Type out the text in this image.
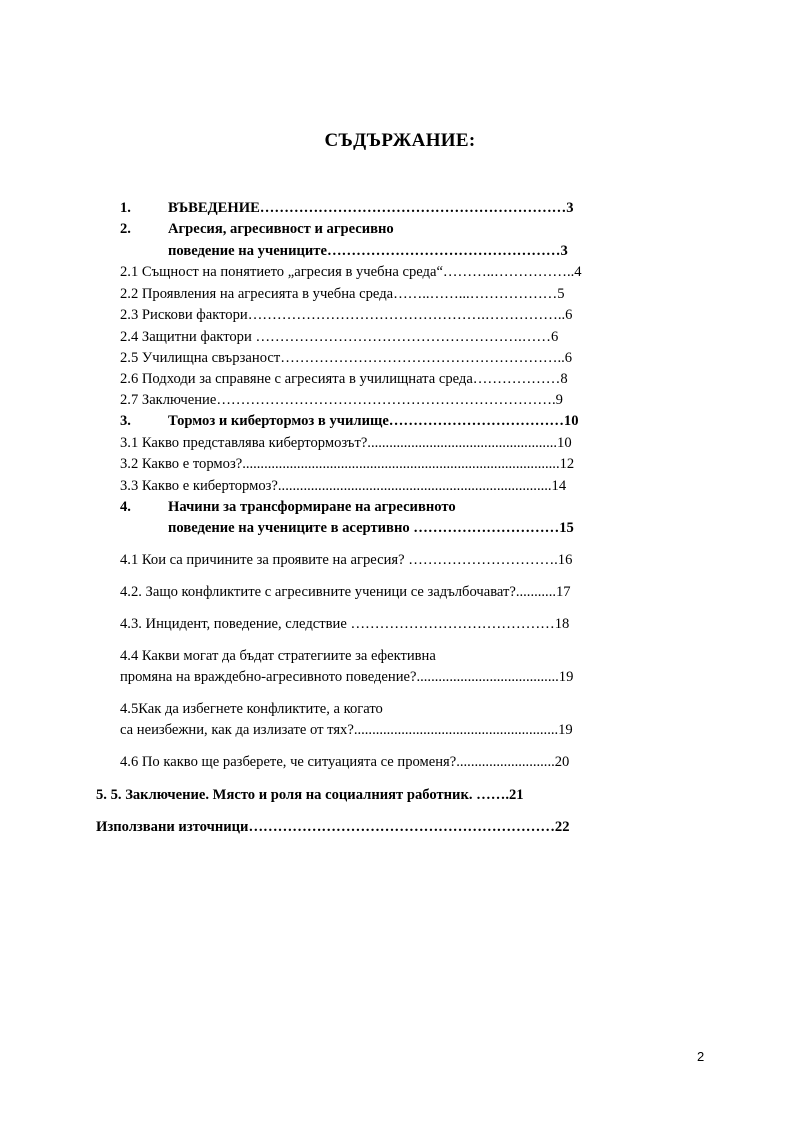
СЪДЪРЖАНИЕ:
1.	ВЪВЕДЕНИЕ………………………………………………………3
2.	Агресия, агресивност и агресивно
поведение на учениците…………………………………………3
2.1 Същност на понятието „агресия в учебна среда“………..……………..4
2.2 Проявления на агресията в учебна среда……..……...………………5
2.3 Рискови фактори………………………………………….……………..6
2.4 Защитни фактори ……………………………………………….……6
2.5 Училищна свързаност…………………………………………………..6
2.6 Подходи за справяне с агресията в училищната среда………………8
2.7 Заключение…………………………………………………………….9
3.	Тормоз и кибертормоз в училище………………………………10
3.1 Какво представлява кибертормозът?....................................................10
3.2 Какво е тормоз?.......................................................................................12
3.3 Какво е кибертормоз?...........................................................................14
4.	Начини за трансформиране на агресивното
поведение на учениците в асертивно …………………………15
4.1 Кои са причините за проявите на агресия? ………………………….16
4.2. Защо конфликтите с агресивните ученици се задълбочават?...........17
4.3. Инцидент, поведение, следствие ……………………………………18
4.4 Какви могат да бъдат стратегиите за ефективна
промяна на враждебно-агресивното поведение?.......................................19
4.5Как да избегнете конфликтите, а когато
са неизбежни, как да излизате от тях?........................................................19
4.6 По какво ще разберете, че ситуацията се променя?...........................20
5. 5. Заключение. Място и роля на социалният работник. …….21
Използвани източници………………………………………………………22
2
